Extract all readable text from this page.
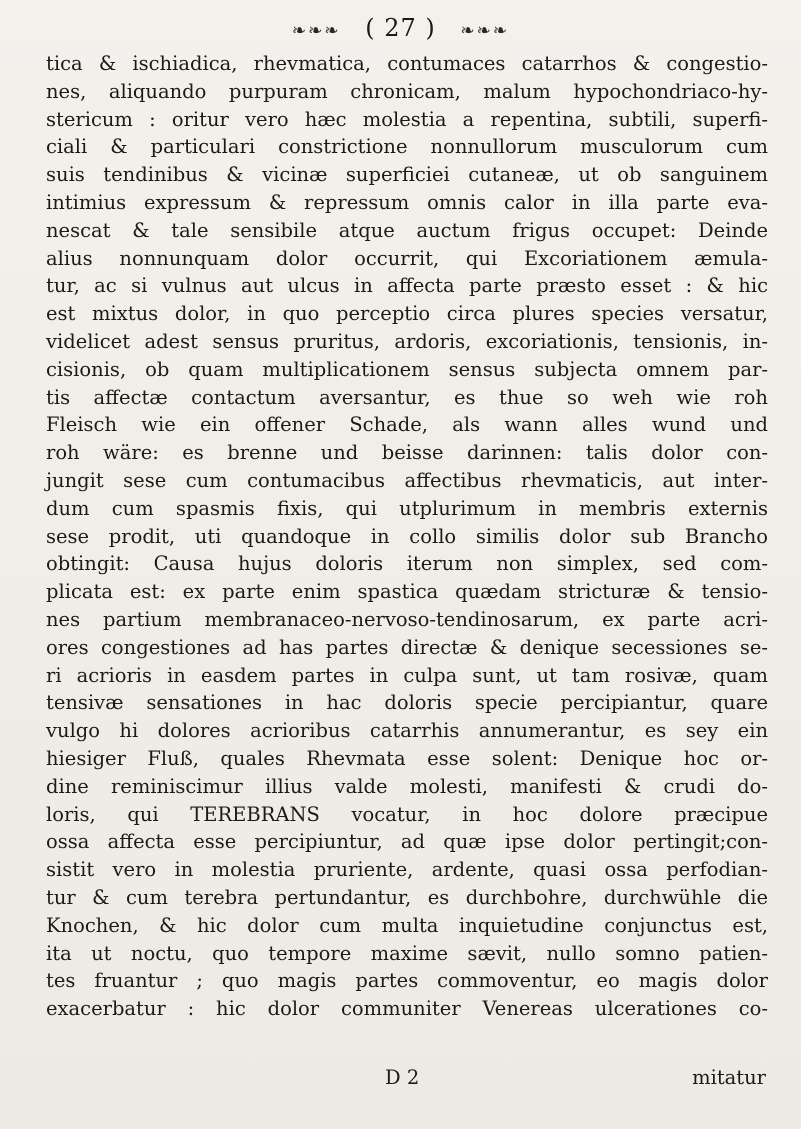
❧❧❧ ( 27 ) ❧❧❧
tica & ischiadica, rhevmatica, contumaces catarrhos & congestio-
nes, aliquando purpuram chronicam, malum hypochondriaco-hy-
stericum : oritur vero hæc molestia a repentina, subtili, superfi-
ciali & particulari constrictione nonnullorum musculorum cum
suis tendinibus & vicinæ superficiei cutaneæ, ut ob sanguinem
intimius expressum & repressum omnis calor in illa parte eva-
nescat & tale sensibile atque auctum frigus occupet: Deinde
alius nonnunquam dolor occurrit, qui Excoriationem æmula-
tur, ac si vulnus aut ulcus in affecta parte præsto esset : & hic
est mixtus dolor, in quo perceptio circa plures species versatur,
videlicet adest sensus pruritus, ardoris, excoriationis, tensionis, in-
cisionis, ob quam multiplicationem sensus subjecta omnem par-
tis affectæ contactum aversantur, es thue so weh wie roh
Fleisch wie ein offener Schade, als wann alles wund und
roh wäre: es brenne und beisse darinnen: talis dolor con-
jungit sese cum contumacibus affectibus rhevmaticis, aut inter-
dum cum spasmis fixis, qui utplurimum in membris externis
sese prodit, uti quandoque in collo similis dolor sub Brancho
obtingit: Causa hujus doloris iterum non simplex, sed com-
plicata est: ex parte enim spastica quædam stricturæ & tensio-
nes partium membranaceo-nervoso-tendinosarum, ex parte acri-
ores congestiones ad has partes directæ & denique secessiones se-
ri acrioris in easdem partes in culpa sunt, ut tam rosivæ, quam
tensivæ sensationes in hac doloris specie percipiantur, quare
vulgo hi dolores acrioribus catarrhis annumerantur, es sey ein
hiesiger Fluß, quales Rhevmata esse solent: Denique hoc or-
dine reminiscimur illius valde molesti, manifesti & crudi do-
loris, qui TEREBRANS vocatur, in hoc dolore præcipue
ossa affecta esse percipiuntur, ad quæ ipse dolor pertingit;con-
sistit vero in molestia pruriente, ardente, quasi ossa perfodian-
tur & cum terebra pertundantur, es durchbohre, durchwühle die
Knochen, & hic dolor cum multa inquietudine conjunctus est,
ita ut noctu, quo tempore maxime sævit, nullo somno patien-
tes fruantur ; quo magis partes commoventur, eo magis dolor
exacerbatur : hic dolor communiter Venereas ulcerationes co-
D 2	mitatur
